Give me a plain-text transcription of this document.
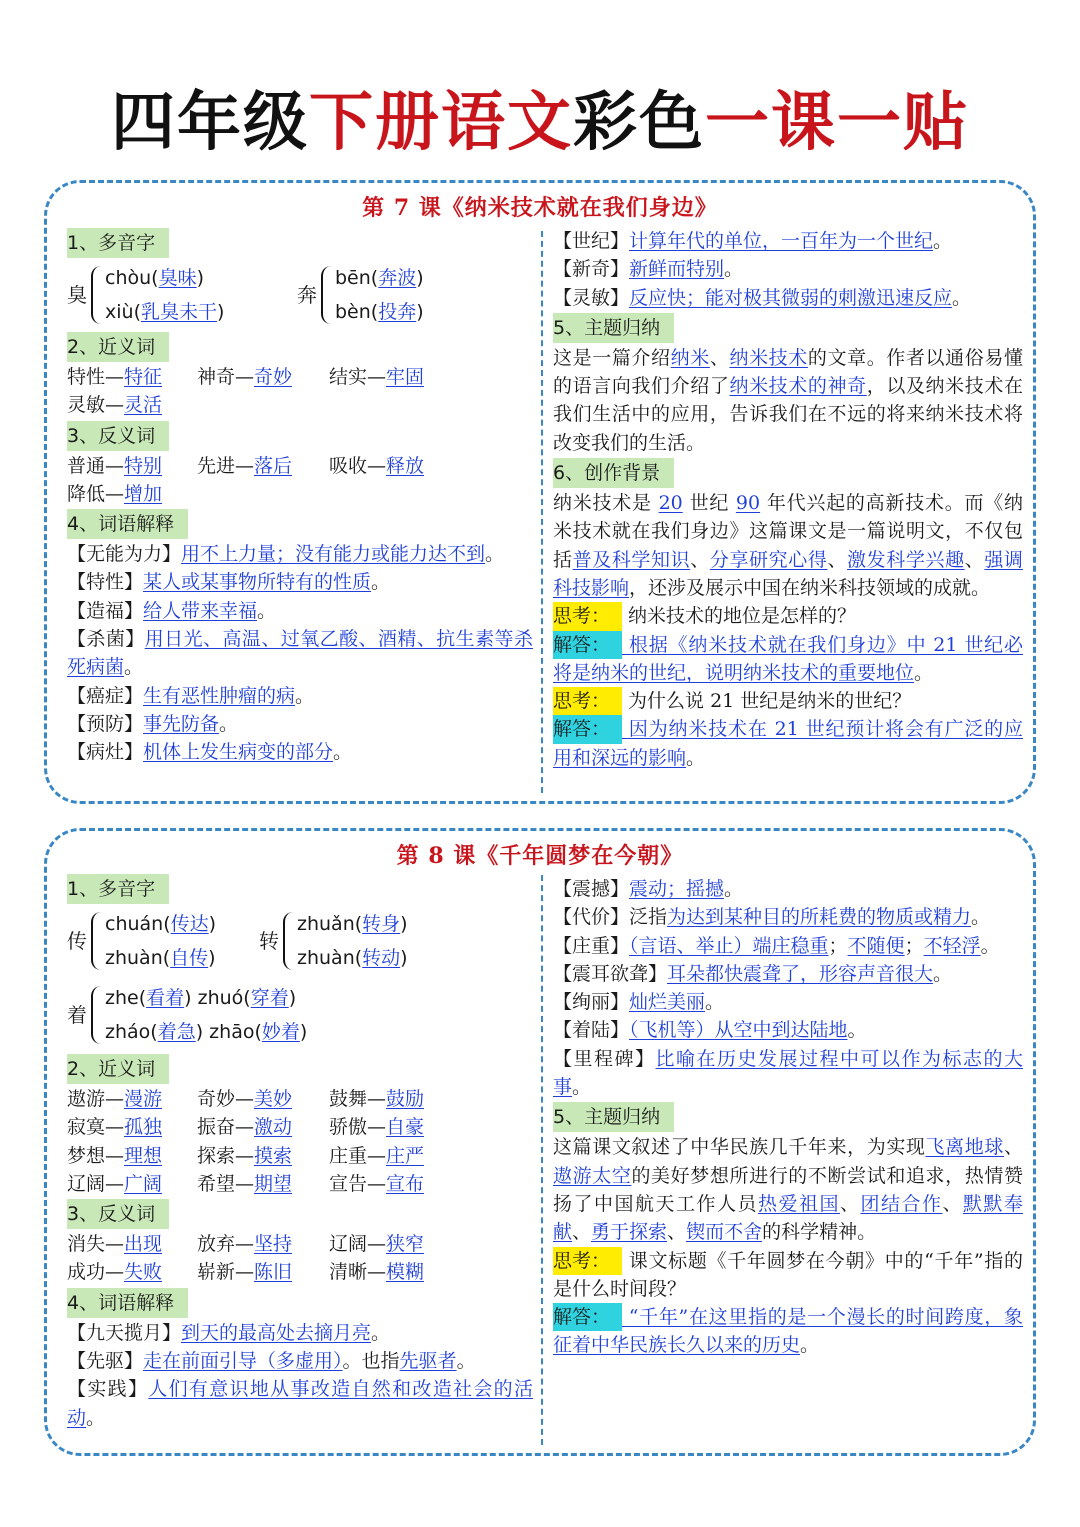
四年级下册语文彩色一课一贴
第 7 课《纳米技术就在我们身边》
1、多音字
臭
chòu(臭味)
xiù(乳臭未干)
奔
bēn(奔波)
bèn(投奔)
2、近义词
特性—特征 神奇—奇妙 结实—牢固
灵敏—灵活
3、反义词
普通—特别 先进—落后 吸收—释放
降低—增加
4、词语解释
【无能为力】用不上力量；没有能力或能力达不到。
【特性】某人或某事物所特有的性质。
【造福】给人带来幸福。
【杀菌】用日光、高温、过氧乙酸、酒精、抗生素等杀死病菌。
【癌症】生有恶性肿瘤的病。
【预防】事先防备。
【病灶】机体上发生病变的部分。
【世纪】计算年代的单位，一百年为一个世纪。
【新奇】新鲜而特别。
【灵敏】反应快；能对极其微弱的刺激迅速反应。
5、主题归纳
这是一篇介绍纳米、纳米技术的文章。作者以通俗易懂的语言向我们介绍了纳米技术的神奇，以及纳米技术在我们生活中的应用，告诉我们在不远的将来纳米技术将改变我们的生活。
6、创作背景
纳米技术是 20 世纪 90 年代兴起的高新技术。而《纳米技术就在我们身边》这篇课文是一篇说明文，不仅包括普及科学知识、分享研究心得、激发科学兴趣、强调科技影响，还涉及展示中国在纳米科技领域的成就。
思考： 纳米技术的地位是怎样的？
解答： 根据《纳米技术就在我们身边》中 21 世纪必将是纳米的世纪，说明纳米技术的重要地位。
思考： 为什么说 21 世纪是纳米的世纪？
解答： 因为纳米技术在 21 世纪预计将会有广泛的应用和深远的影响。
第 8 课《千年圆梦在今朝》
1、多音字
传
chuán(传达)
zhuàn(自传)
转
zhuǎn(转身)
zhuàn(转动)
着
zhe(看着) zhuó(穿着)
zháo(着急) zhāo(妙着)
2、近义词
遨游—漫游 奇妙—美妙 鼓舞—鼓励
寂寞—孤独 振奋—激动 骄傲—自豪
梦想—理想 探索—摸索 庄重—庄严
辽阔—广阔 希望—期望 宣告—宣布
3、反义词
消失—出现 放弃—坚持 辽阔—狭窄
成功—失败 崭新—陈旧 清晰—模糊
4、词语解释
【九天揽月】到天的最高处去摘月亮。
【先驱】走在前面引导（多虚用）。也指先驱者。
【实践】人们有意识地从事改造自然和改造社会的活动。
【震撼】震动；摇撼。
【代价】泛指为达到某种目的所耗费的物质或精力。
【庄重】（言语、举止）端庄稳重；不随便；不轻浮。
【震耳欲聋】耳朵都快震聋了，形容声音很大。
【绚丽】灿烂美丽。
【着陆】（飞机等）从空中到达陆地。
【里程碑】比喻在历史发展过程中可以作为标志的大事。
5、主题归纳
这篇课文叙述了中华民族几千年来，为实现飞离地球、遨游太空的美好梦想所进行的不断尝试和追求，热情赞扬了中国航天工作人员热爱祖国、团结合作、默默奉献、勇于探索、锲而不舍的科学精神。
思考： 课文标题《千年圆梦在今朝》中的“千年”指的是什么时间段？
解答： “千年”在这里指的是一个漫长的时间跨度，象征着中华民族长久以来的历史。
